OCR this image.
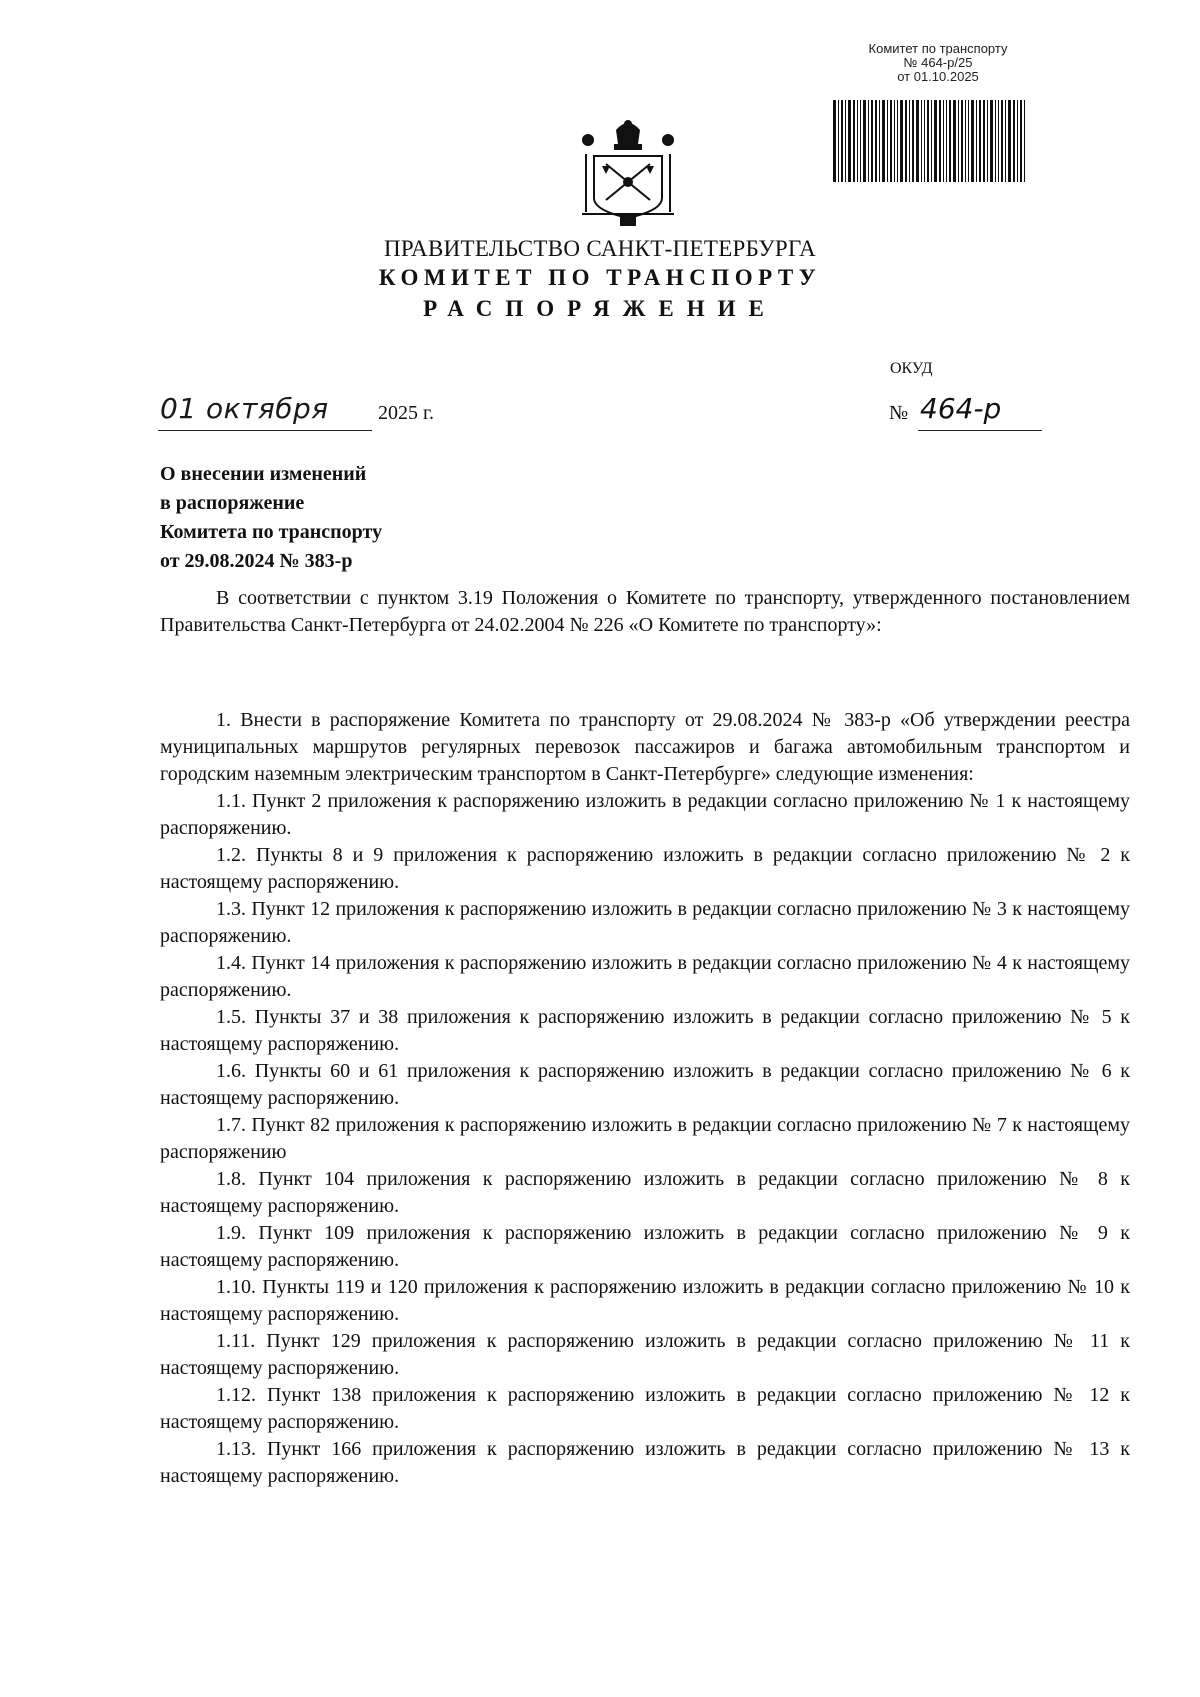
Комитет по транспорту
№ 464-р/25
от 01.10.2025
ПРАВИТЕЛЬСТВО САНКТ-ПЕТЕРБУРГА
КОМИТЕТ ПО ТРАНСПОРТУ
РАСПОРЯЖЕНИЕ
ОКУД
01 октября 2025 г.	№ 464-р
О внесении изменений
в распоряжение
Комитета по транспорту
от 29.08.2024 № 383-р

В соответствии с пунктом 3.19 Положения о Комитете по транспорту, утвержденного постановлением Правительства Санкт-Петербурга от 24.02.2004 № 226 «О Комитете по транспорту»:

1. Внести в распоряжение Комитета по транспорту от 29.08.2024 № 383-р «Об утверждении реестра муниципальных маршрутов регулярных перевозок пассажиров и багажа автомобильным транспортом и городским наземным электрическим транспортом в Санкт-Петербурге» следующие изменения:

1.1. Пункт 2 приложения к распоряжению изложить в редакции согласно приложению № 1 к настоящему распоряжению.

1.2. Пункты 8 и 9 приложения к распоряжению изложить в редакции согласно приложению № 2 к настоящему распоряжению.

1.3. Пункт 12 приложения к распоряжению изложить в редакции согласно приложению № 3 к настоящему распоряжению.

1.4. Пункт 14 приложения к распоряжению изложить в редакции согласно приложению № 4 к настоящему распоряжению.

1.5. Пункты 37 и 38 приложения к распоряжению изложить в редакции согласно приложению № 5 к настоящему распоряжению.

1.6. Пункты 60 и 61 приложения к распоряжению изложить в редакции согласно приложению № 6 к настоящему распоряжению.

1.7. Пункт 82 приложения к распоряжению изложить в редакции согласно приложению № 7 к настоящему распоряжению

1.8. Пункт 104 приложения к распоряжению изложить в редакции согласно приложению № 8 к настоящему распоряжению.

1.9. Пункт 109 приложения к распоряжению изложить в редакции согласно приложению № 9 к настоящему распоряжению.

1.10. Пункты 119 и 120 приложения к распоряжению изложить в редакции согласно приложению № 10 к настоящему распоряжению.

1.11. Пункт 129 приложения к распоряжению изложить в редакции согласно приложению № 11 к настоящему распоряжению.

1.12. Пункт 138 приложения к распоряжению изложить в редакции согласно приложению № 12 к настоящему распоряжению.

1.13. Пункт 166 приложения к распоряжению изложить в редакции согласно приложению № 13 к настоящему распоряжению.
